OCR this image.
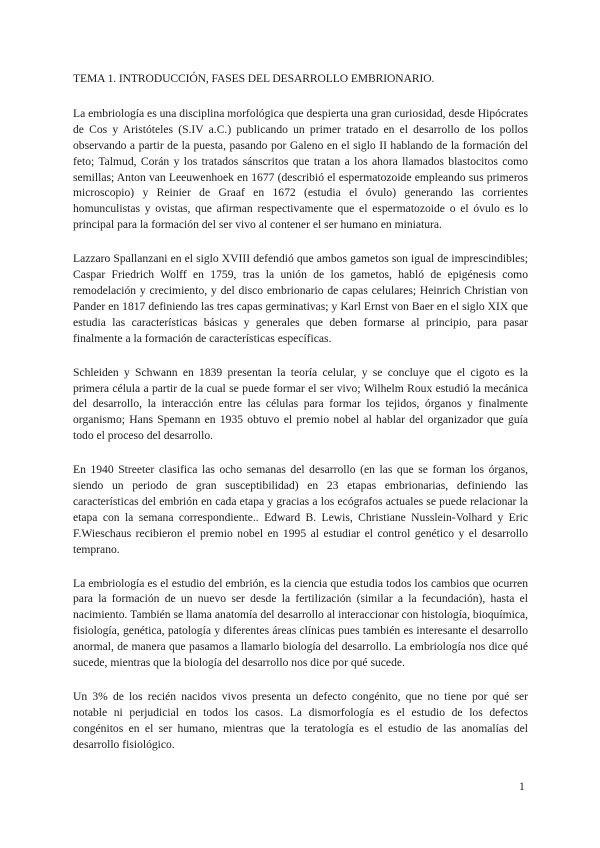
TEMA 1. INTRODUCCIÓN, FASES DEL DESARROLLO EMBRIONARIO.

La embriología es una disciplina morfológica que despierta una gran curiosidad, desde Hipócrates de Cos y Aristóteles (S.IV a.C.) publicando un primer tratado en el desarrollo de los pollos observando a partir de la puesta, pasando por Galeno en el siglo II hablando de la formación del feto; Talmud, Corán y los tratados sánscritos que tratan a los ahora llamados blastocitos como semillas; Anton van Leeuwenhoek en 1677 (describió el espermatozoide empleando sus primeros microscopio) y Reinier de Graaf en 1672 (estudia el óvulo) generando las corrientes homunculistas y ovistas, que afirman respectivamente que el espermatozoide o el óvulo es lo principal para la formación del ser vivo al contener el ser humano en miniatura.

Lazzaro Spallanzani en el siglo XVIII defendió que ambos gametos son igual de imprescindibles; Caspar Friedrich Wolff en 1759, tras la unión de los gametos, habló de epigénesis como remodelación y crecimiento, y del disco embrionario de capas celulares; Heinrich Christian von Pander en 1817 definiendo las tres capas germinativas; y Karl Ernst von Baer en el siglo XIX que estudia las características básicas y generales que deben formarse al principio, para pasar finalmente a la formación de características específicas.

Schleiden y Schwann en 1839 presentan la teoría celular, y se concluye que el cigoto es la primera célula a partir de la cual se puede formar el ser vivo; Wilhelm Roux estudió la mecánica del desarrollo, la interacción entre las células para formar los tejidos, órganos y finalmente organismo; Hans Spemann en 1935 obtuvo el premio nobel al hablar del organizador que guía todo el proceso del desarrollo.

En 1940 Streeter clasifica las ocho semanas del desarrollo (en las que se forman los órganos, siendo un periodo de gran susceptibilidad) en 23 etapas embrionarias, definiendo las características del embrión en cada etapa y gracias a los ecógrafos actuales se puede relacionar la etapa con la semana correspondiente.. Edward B. Lewis, Christiane Nusslein-Volhard y Eric F.Wieschaus recibieron el premio nobel en 1995 al estudiar el control genético y el desarrollo temprano.

La embriología es el estudio del embrión, es la ciencia que estudia todos los cambios que ocurren para la formación de un nuevo ser desde la fertilización (similar a la fecundación), hasta el nacimiento. También se llama anatomía del desarrollo al interaccionar con histología, bioquímica, fisiología, genética, patología y diferentes áreas clínicas pues también es interesante el desarrollo anormal, de manera que pasamos a llamarlo biología del desarrollo. La embriología nos dice qué sucede, mientras que la biología del desarrollo nos dice por qué sucede.

Un 3% de los recién nacidos vivos presenta un defecto congénito, que no tiene por qué ser notable ni perjudicial en todos los casos. La dismorfología es el estudio de los defectos congénitos en el ser humano, mientras que la teratología es el estudio de las anomalías del desarrollo fisiológico.

1
